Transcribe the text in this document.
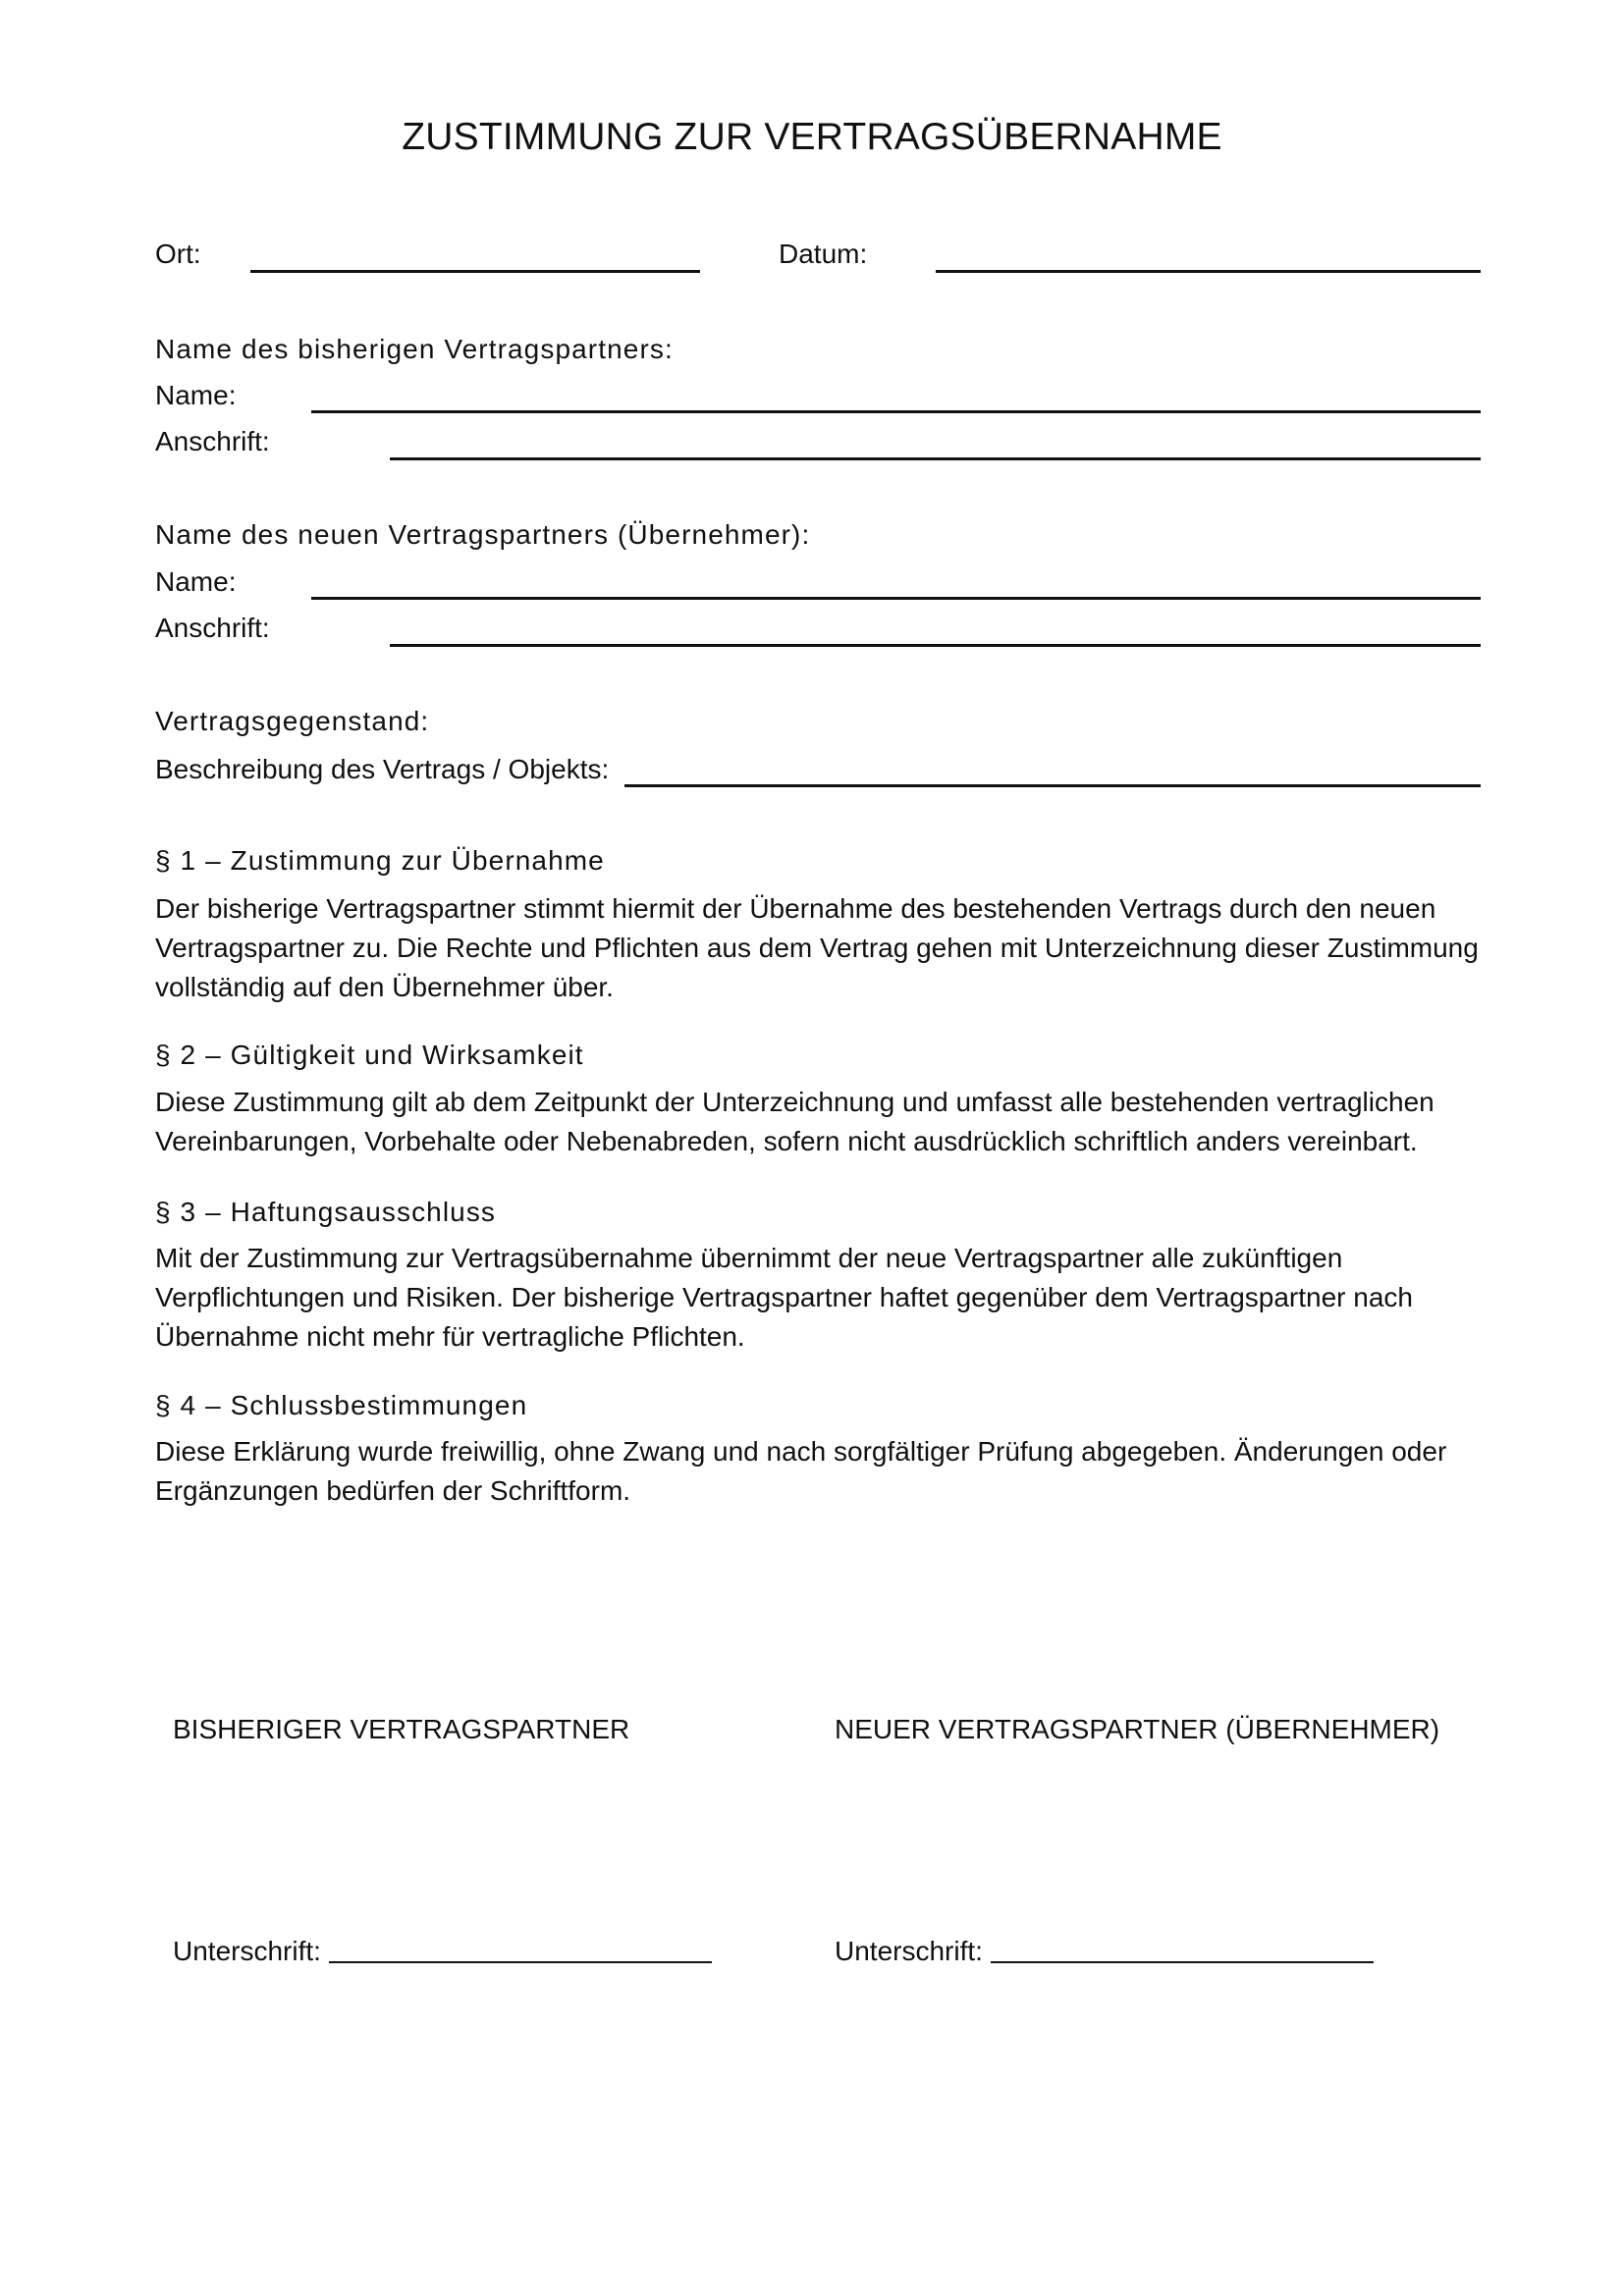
ZUSTIMMUNG ZUR VERTRAGSÜBERNAHME
Ort:	Datum:
Name des bisherigen Vertragspartners:
Name:
Anschrift:
Name des neuen Vertragspartners (Übernehmer):
Name:
Anschrift:
Vertragsgegenstand:
Beschreibung des Vertrags / Objekts:
§ 1 – Zustimmung zur Übernahme
Der bisherige Vertragspartner stimmt hiermit der Übernahme des bestehenden Vertrags durch den neuen Vertragspartner zu. Die Rechte und Pflichten aus dem Vertrag gehen mit Unterzeichnung dieser Zustimmung vollständig auf den Übernehmer über.
§ 2 – Gültigkeit und Wirksamkeit
Diese Zustimmung gilt ab dem Zeitpunkt der Unterzeichnung und umfasst alle bestehenden vertraglichen Vereinbarungen, Vorbehalte oder Nebenabreden, sofern nicht ausdrücklich schriftlich anders vereinbart.
§ 3 – Haftungsausschluss
Mit der Zustimmung zur Vertragsübernahme übernimmt der neue Vertragspartner alle zukünftigen Verpflichtungen und Risiken. Der bisherige Vertragspartner haftet gegenüber dem Vertragspartner nach Übernahme nicht mehr für vertragliche Pflichten.
§ 4 – Schlussbestimmungen
Diese Erklärung wurde freiwillig, ohne Zwang und nach sorgfältiger Prüfung abgegeben. Änderungen oder Ergänzungen bedürfen der Schriftform.
BISHERIGER VERTRAGSPARTNER	NEUER VERTRAGSPARTNER (ÜBERNEHMER)
Unterschrift:	Unterschrift:
